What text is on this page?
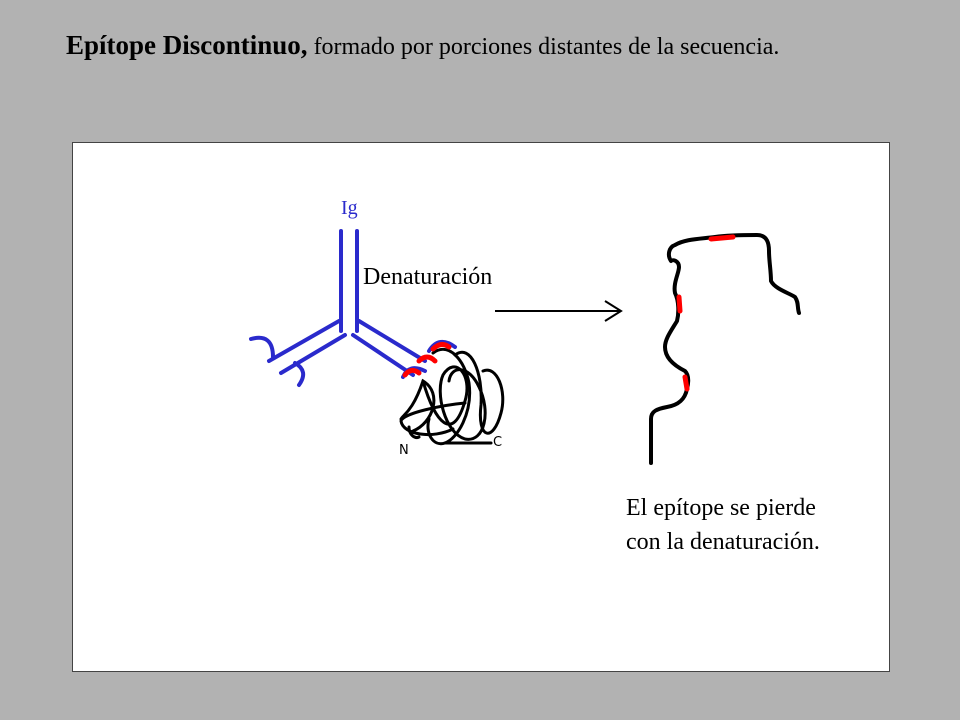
Epítope Discontinuo, formado por porciones distantes de la secuencia.
Ig
Denaturación
N
C
El epítope se pierde con la denaturación.
